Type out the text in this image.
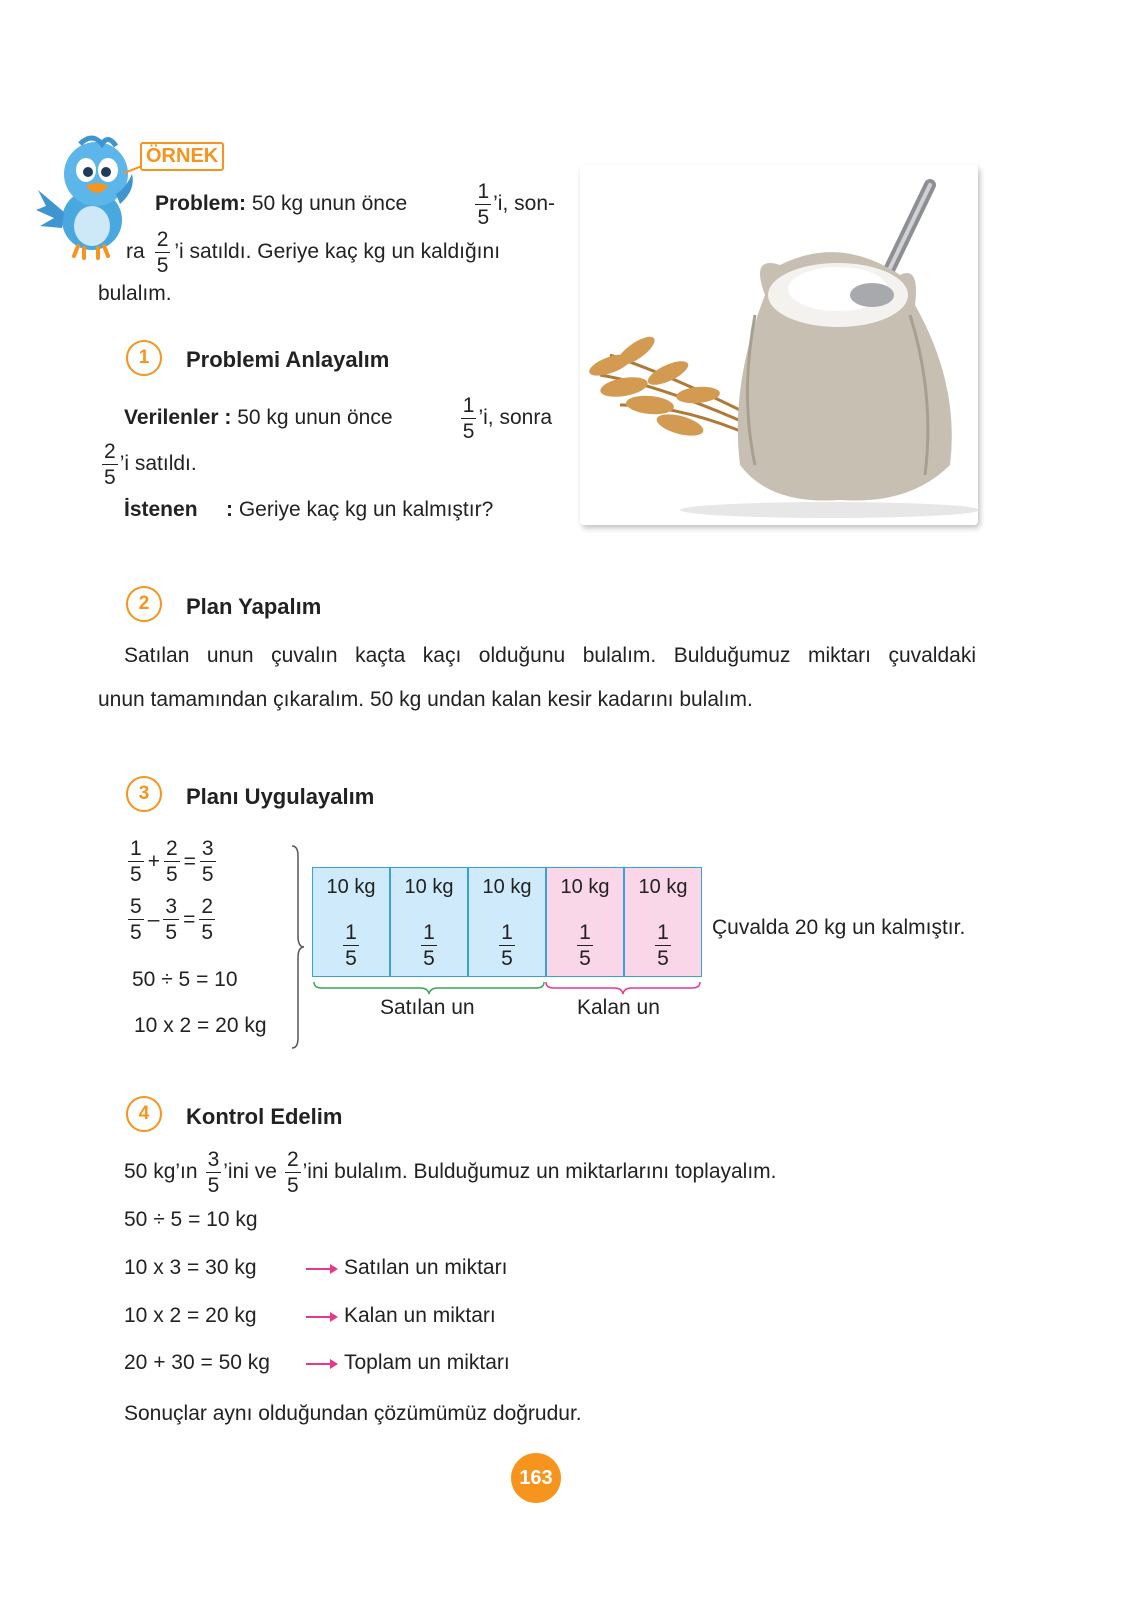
ÖRNEK
Problem: 50 kg unun önce	$\frac{1}{5}$ ’i, son-
ra $\frac{2}{5}$ ’i satıldı. Geriye kaç kg un kaldığını
bulalım.
1	Problemi Anlayalım
Verilenler : 50 kg unun önce	$\frac{1}{5}$ ’i, sonra
$\frac{2}{5}$ ’i satıldı.
İstenen : Geriye kaç kg un kalmıştır?
2	Plan Yapalım
Satılan unun çuvalın kaçta kaçı olduğunu bulalım. Bulduğumuz miktarı çuvaldaki
unun tamamından çıkaralım. 50 kg undan kalan kesir kadarını bulalım.
3	Planı Uygulayalım
$\frac{1}{5} + \frac{2}{5} = \frac{3}{5}$
$\frac{5}{5} - \frac{3}{5} = \frac{2}{5}$
50 ÷ 5 = 10
10 x 2 = 20 kg
10 kg
$\frac{1}{5}$
10 kg
$\frac{1}{5}$
10 kg
$\frac{1}{5}$
10 kg
$\frac{1}{5}$
10 kg
$\frac{1}{5}$
Satılan un	Kalan un
Çuvalda 20 kg un kalmıştır.
4	Kontrol Edelim
50 kg’ın $\frac{3}{5}$ ’ini ve $\frac{2}{5}$ ’ini bulalım. Bulduğumuz un miktarlarını toplayalım.
50 ÷ 5 = 10 kg
10 x 3 = 30 kg	Satılan un miktarı
10 x 2 = 20 kg	Kalan un miktarı
20 + 30 = 50 kg	Toplam un miktarı
Sonuçlar aynı olduğundan çözümümüz doğrudur.
163
